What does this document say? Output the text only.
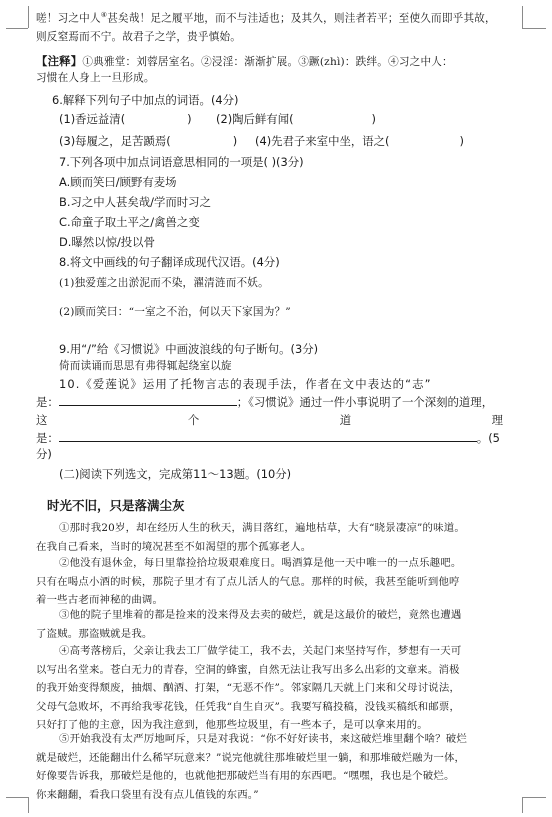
嗟！习之中人④甚矣哉！足之履平地，而不与洼适也；及其久，则洼者若平；至使久而即乎其故，则反窒焉而不宁。故君子之学，贵乎慎始。
【注释】①典雅堂：刘蓉居室名。②浸淫：渐渐扩展。③蹶(zhì)：跌绊。④习之中人：
习惯在人身上一旦形成。
6.解释下列句子中加点的词语。(4分)
(1)香远益清(	) (2)陶后鲜有闻(	)
(3)每履之，足苦踬焉(	) (4)先君子来室中坐，语之(	)
7.下列各项中加点词语意思相同的一项是( )(3分)
A.顾而笑曰/顾野有麦场
B.习之中人甚矣哉/学而时习之
C.命童子取土平之/禽兽之变
D.曝然以惊/投以骨
8.将文中画线的句子翻译成现代汉语。(4分)
(1)独爱莲之出淤泥而不染，濯清涟而不妖。
(2)顾而笑曰：“一室之不治，何以天下家国为？”
9.用“/”给《习惯说》中画波浪线的句子断句。(3分)
倚而读诵而思思有弗得辄起绕室以旋
10.《爱莲说》运用了托物言志的表现手法，作者在文中表达的“志”
是：	；《习惯说》通过一件小事说明了一个深刻的道理，
这	个	道	理
是：	。(5
分)
(二)阅读下列选文，完成第11～13题。(10分)
时光不旧，只是落满尘灰
①那时我20岁，却在经历人生的秋天，满目落红，遍地枯草，大有“晓景凄凉”的味道。
在我自己看来，当时的境况甚至不如渴望的那个孤寡老人。
②他没有退休金，每日里靠捡拾垃圾艰难度日。喝酒算是他一天中唯一的一点乐趣吧。
只有在喝点小酒的时候，那院子里才有了点儿活人的气息。那样的时候，我甚至能听到他哼
着一些古老而神秘的曲调。
③他的院子里堆着的都是捡来的没来得及去卖的破烂，就是这最价的破烂，竟然也遭遇
了盗贼。那盗贼就是我。
④高考落榜后，父亲让我去工厂做学徒工，我不去，关起门来坚持写作，梦想有一天可
以写出名堂来。苍白无力的青春，空洞的蜂蜜，自然无法让我写出多么出彩的文章来。消极
的我开始变得颓废，抽烟、酗酒、打架，“无恶不作”。邻家隔几天就上门来和父母讨说法，
父母气急败坏，不再给我零花钱，任凭我“自生自灭”。我要写稿投稿，没钱买稿纸和邮票，
只好打了他的主意，因为我注意到，他那些垃圾里，有一些本子，是可以拿来用的。
⑤开始我没有太严厉地呵斥，只是对我说：“你不好好读书，来这破烂堆里翻个啥？破烂
就是破烂，还能翻出什么稀罕玩意来？”说完他就往那堆破烂里一躺，和那堆破烂融为一体，
好像要告诉我，那破烂是他的，也就他把那破烂当有用的东西吧。“嘿嘿，我也是个破烂。
你来翻翻，看我口袋里有没有点儿值钱的东西。”
